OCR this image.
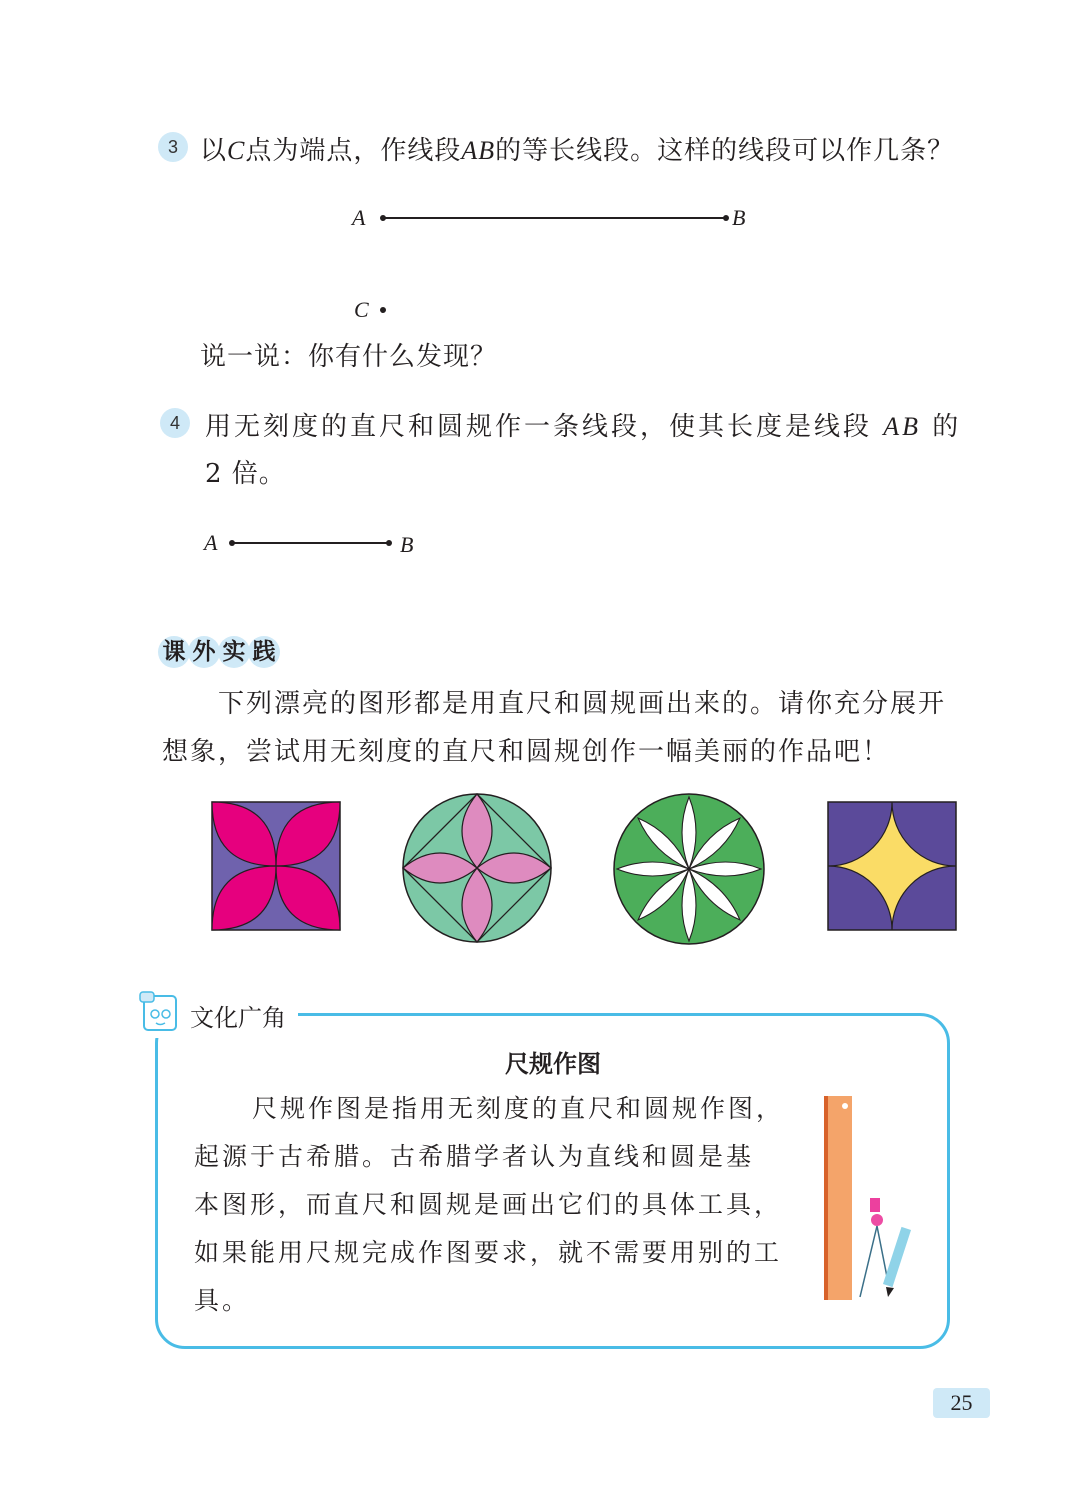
3 以C点为端点，作线段AB的等长线段。这样的线段可以作几条？
A	B
C
说一说：你有什么发现？
4 用无刻度的直尺和圆规作一条线段，使其长度是线段 AB 的
2 倍。
A	B
课 外 实 践
下列漂亮的图形都是用直尺和圆规画出来的。请你充分展开
想象，尝试用无刻度的直尺和圆规创作一幅美丽的作品吧！
文化广角
尺规作图
尺规作图是指用无刻度的直尺和圆规作图，
起源于古希腊。古希腊学者认为直线和圆是基
本图形，而直尺和圆规是画出它们的具体工具，
如果能用尺规完成作图要求，就不需要用别的工
具。
25
